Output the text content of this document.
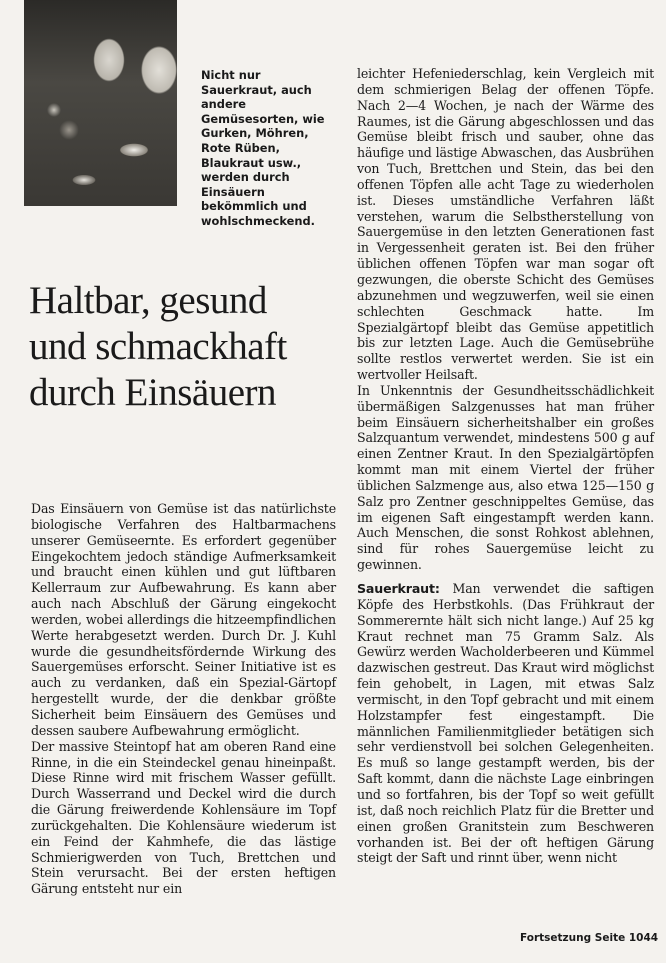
Nicht nur Sauerkraut, auch andere Gemüsesorten, wie Gurken, Möhren, Rote Rüben, Blaukraut usw., werden durch Einsäuern bekömmlich und wohlschmeckend.

Haltbar, gesund
und schmackhaft
durch Einsäuern

Das Einsäuern von Gemüse ist das natürlichste biologische Verfahren des Haltbarmachens unserer Gemüseernte. Es erfordert gegenüber Eingekochtem jedoch ständige Aufmerksamkeit und braucht einen kühlen und gut lüftbaren Kellerraum zur Aufbewahrung. Es kann aber auch nach Abschluß der Gärung eingekocht werden, wobei allerdings die hitzeempfindlichen Werte herabgesetzt werden. Durch Dr. J. Kuhl wurde die gesundheitsfördernde Wirkung des Sauergemüses erforscht. Seiner Initiative ist es auch zu verdanken, daß ein Spezial-Gärtopf hergestellt wurde, der die denkbar größte Sicherheit beim Einsäuern des Gemüses und dessen saubere Aufbewahrung ermöglicht.

Der massive Steintopf hat am oberen Rand eine Rinne, in die ein Steindeckel genau hineinpaßt. Diese Rinne wird mit frischem Wasser gefüllt. Durch Wasserrand und Deckel wird die durch die Gärung freiwerdende Kohlensäure im Topf zurückgehalten. Die Kohlensäure wiederum ist ein Feind der Kahmhefe, die das lästige Schmierigwerden von Tuch, Brettchen und Stein verursacht. Bei der ersten heftigen Gärung entsteht nur ein

leichter Hefeniederschlag, kein Vergleich mit dem schmierigen Belag der offenen Töpfe. Nach 2—4 Wochen, je nach der Wärme des Raumes, ist die Gärung abgeschlossen und das Gemüse bleibt frisch und sauber, ohne das häufige und lästige Abwaschen, das Ausbrühen von Tuch, Brettchen und Stein, das bei den offenen Töpfen alle acht Tage zu wiederholen ist. Dieses umständliche Verfahren läßt verstehen, warum die Selbstherstellung von Sauergemüse in den letzten Generationen fast in Vergessenheit geraten ist. Bei den früher üblichen offenen Töpfen war man sogar oft gezwungen, die oberste Schicht des Gemüses abzunehmen und wegzuwerfen, weil sie einen schlechten Geschmack hatte. Im Spezialgärtopf bleibt das Gemüse appetitlich bis zur letzten Lage. Auch die Gemüsebrühe sollte restlos verwertet werden. Sie ist ein wertvoller Heilsaft.

In Unkenntnis der Gesundheitsschädlichkeit übermäßigen Salzgenusses hat man früher beim Einsäuern sicherheitshalber ein großes Salzquantum verwendet, mindestens 500 g auf einen Zentner Kraut. In den Spezialgärtöpfen kommt man mit einem Viertel der früher üblichen Salzmenge aus, also etwa 125—150 g Salz pro Zentner geschnippeltes Gemüse, das im eigenen Saft eingestampft werden kann. Auch Menschen, die sonst Rohkost ablehnen, sind für rohes Sauergemüse leicht zu gewinnen.

Sauerkraut: Man verwendet die saftigen Köpfe des Herbstkohls. (Das Frühkraut der Sommerernte hält sich nicht lange.) Auf 25 kg Kraut rechnet man 75 Gramm Salz. Als Gewürz werden Wacholderbeeren und Kümmel dazwischen gestreut. Das Kraut wird möglichst fein gehobelt, in Lagen, mit etwas Salz vermischt, in den Topf gebracht und mit einem Holzstampfer fest eingestampft. Die männlichen Familienmitglieder betätigen sich sehr verdienstvoll bei solchen Gelegenheiten. Es muß so lange gestampft werden, bis der Saft kommt, dann die nächste Lage einbringen und so fortfahren, bis der Topf so weit gefüllt ist, daß noch reichlich Platz für die Bretter und einen großen Granitstein zum Beschweren vorhanden ist. Bei der oft heftigen Gärung steigt der Saft und rinnt über, wenn nicht

Fortsetzung Seite 1044
